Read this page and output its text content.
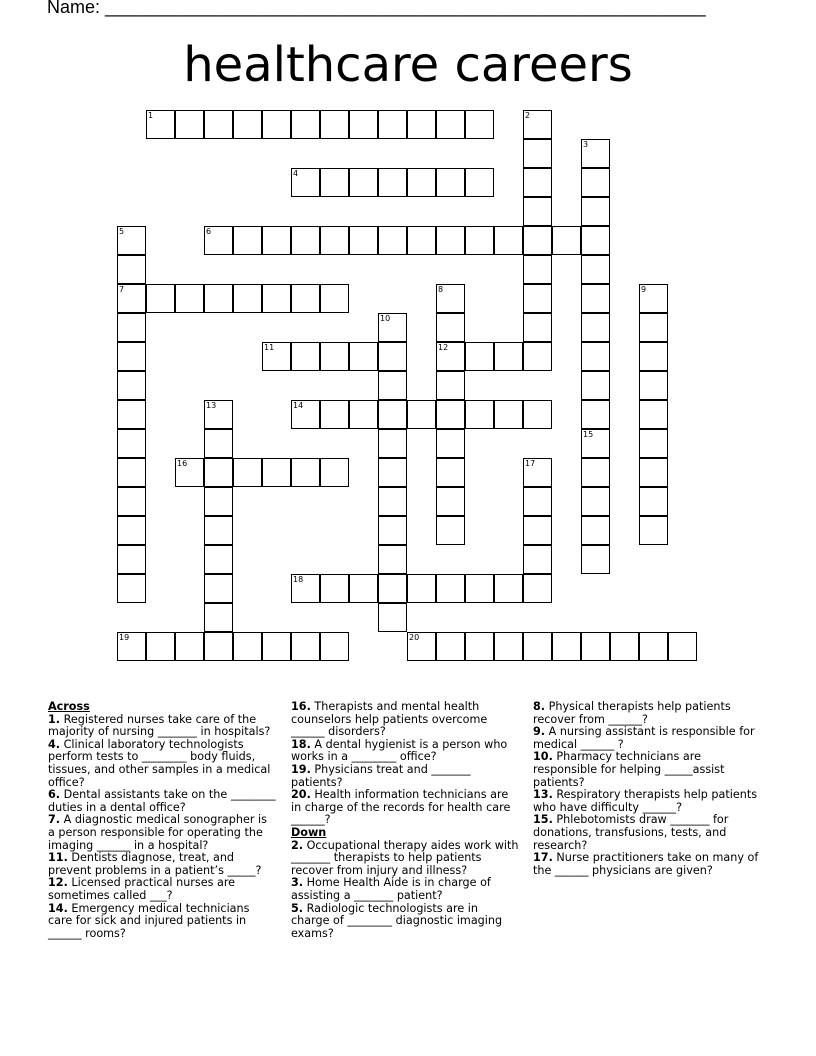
Name: ____________________________________________________________
healthcare careers
1
4
6
7
11	12
14
16
18
19	20
2
3
5
8	9
10
13
15
17
Across
1. Registered nurses take care of the majority of nursing _______ in hospitals?
4. Clinical laboratory technologists perform tests to ________ body fluids, tissues, and other samples in a medical office?
6. Dental assistants take on the ________ duties in a dental office?
7. A diagnostic medical sonographer is a person responsible for operating the imaging ______ in a hospital?
11. Dentists diagnose, treat, and prevent problems in a patient’s _____?
12. Licensed practical nurses are sometimes called ___?
14. Emergency medical technicians care for sick and injured patients in ______ rooms?
16. Therapists and mental health counselors help patients overcome ______ disorders?
18. A dental hygienist is a person who works in a ________ office?
19. Physicians treat and _______ patients?
20. Health information technicians are in charge of the records for health care ______?
Down
2. Occupational therapy aides work with _______ therapists to help patients recover from injury and illness?
3. Home Health Aide is in charge of assisting a _______ patient?
5. Radiologic technologists are in charge of ________ diagnostic imaging exams?
8. Physical therapists help patients recover from ______?
9. A nursing assistant is responsible for medical ______ ?
10. Pharmacy technicians are responsible for helping _____assist patients?
13. Respiratory therapists help patients who have difficulty ______?
15. Phlebotomists draw _______ for donations, transfusions, tests, and research?
17. Nurse practitioners take on many of the ______ physicians are given?
